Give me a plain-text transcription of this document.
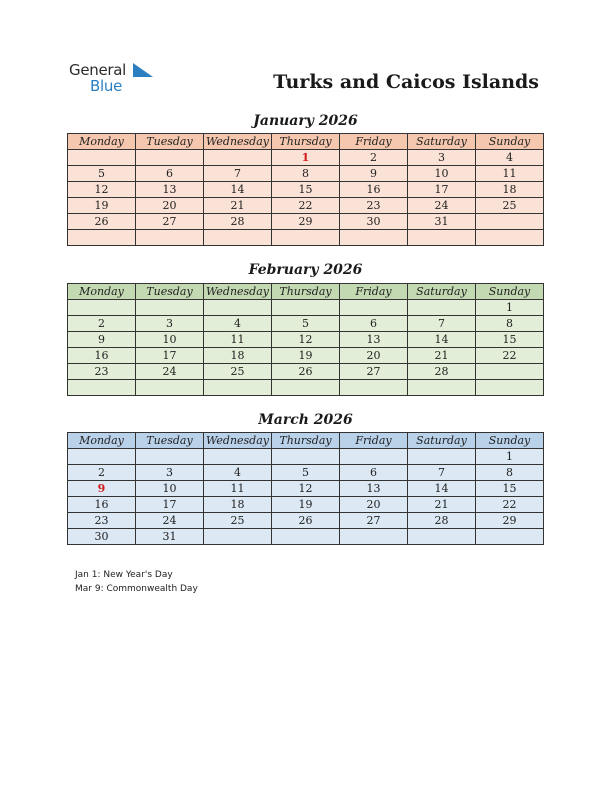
General
Blue	Turks and Caicos Islands
January 2026
Monday	Tuesday	Wednesday	Thursday	Friday	Saturday	Sunday
			1	2	3	4
5	6	7	8	9	10	11
12	13	14	15	16	17	18
19	20	21	22	23	24	25
26	27	28	29	30	31	

February 2026
Monday	Tuesday	Wednesday	Thursday	Friday	Saturday	Sunday
						1
2	3	4	5	6	7	8
9	10	11	12	13	14	15
16	17	18	19	20	21	22
23	24	25	26	27	28	

March 2026
Monday	Tuesday	Wednesday	Thursday	Friday	Saturday	Sunday
						1
2	3	4	5	6	7	8
9	10	11	12	13	14	15
16	17	18	19	20	21	22
23	24	25	26	27	28	29
30	31					
Jan 1: New Year's Day
Mar 9: Commonwealth Day
